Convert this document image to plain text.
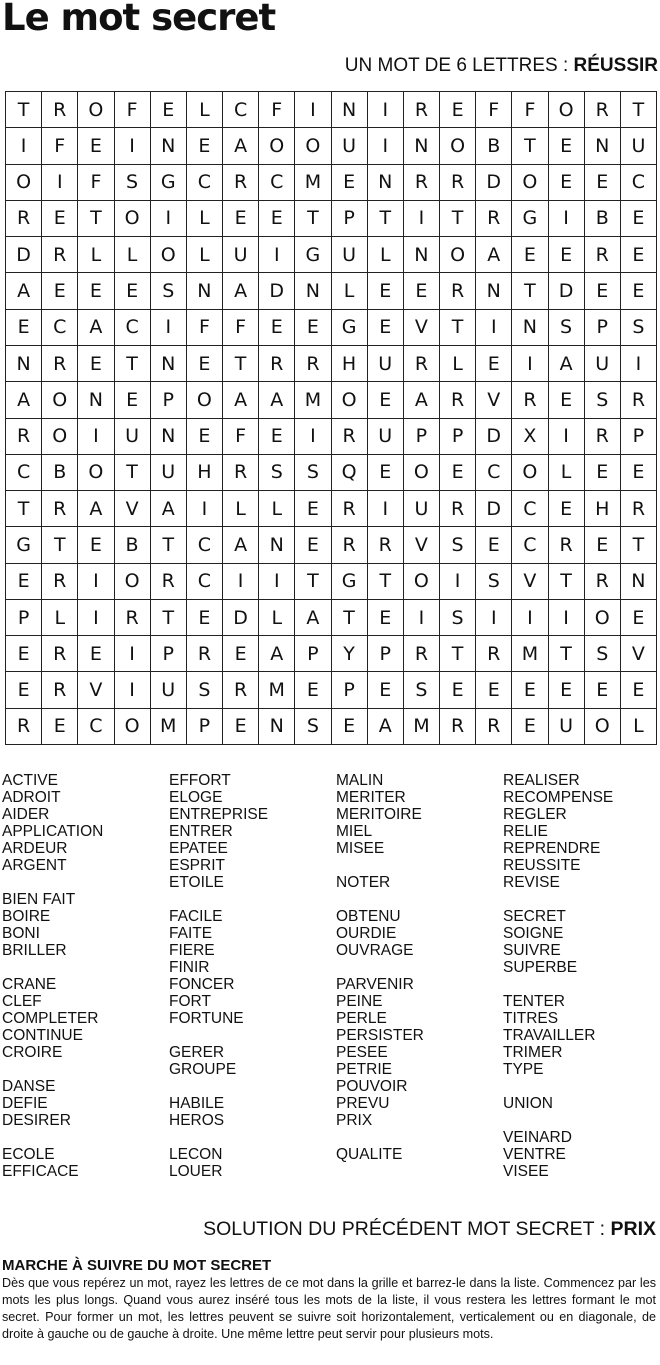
Le mot secret
UN MOT DE 6 LETTRES : RÉUSSIR
T	R	O	F	E	L	C	F	I	N	I	R	E	F	F	O	R	T
I	F	E	I	N	E	A	O	O	U	I	N	O	B	T	E	N	U
O	I	F	S	G	C	R	C	M	E	N	R	R	D	O	E	E	C
R	E	T	O	I	L	E	E	T	P	T	I	T	R	G	I	B	E
D	R	L	L	O	L	U	I	G	U	L	N	O	A	E	E	R	E
A	E	E	E	S	N	A	D	N	L	E	E	R	N	T	D	E	E
E	C	A	C	I	F	F	E	E	G	E	V	T	I	N	S	P	S
N	R	E	T	N	E	T	R	R	H	U	R	L	E	I	A	U	I
A	O	N	E	P	O	A	A	M	O	E	A	R	V	R	E	S	R
R	O	I	U	N	E	F	E	I	R	U	P	P	D	X	I	R	P
C	B	O	T	U	H	R	S	S	Q	E	O	E	C	O	L	E	E
T	R	A	V	A	I	L	L	E	R	I	U	R	D	C	E	H	R
G	T	E	B	T	C	A	N	E	R	R	V	S	E	C	R	E	T
E	R	I	O	R	C	I	I	T	G	T	O	I	S	V	T	R	N
P	L	I	R	T	E	D	L	A	T	E	I	S	I	I	I	O	E
E	R	E	I	P	R	E	A	P	Y	P	R	T	R	M	T	S	V
E	R	V	I	U	S	R	M	E	P	E	S	E	E	E	E	E	E
R	E	C	O	M	P	E	N	S	E	A	M	R	R	E	U	O	L
ACTIVE
ADROIT
AIDER
APPLICATION
ARDEUR
ARGENT
BIEN FAIT
BOIRE
BONI
BRILLER
CRANE
CLEF
COMPLETER
CONTINUE
CROIRE
DANSE
DEFIE
DESIRER
ECOLE
EFFICACE
EFFORT
ELOGE
ENTREPRISE
ENTRER
EPATEE
ESPRIT
ETOILE
FACILE
FAITE
FIERE
FINIR
FONCER
FORT
FORTUNE
GERER
GROUPE
HABILE
HEROS
LECON
LOUER
MALIN
MERITER
MERITOIRE
MIEL
MISEE
NOTER
OBTENU
OURDIE
OUVRAGE
PARVENIR
PEINE
PERLE
PERSISTER
PESEE
PETRIE
POUVOIR
PREVU
PRIX
QUALITE
REALISER
RECOMPENSE
REGLER
RELIE
REPRENDRE
REUSSITE
REVISE
SECRET
SOIGNE
SUIVRE
SUPERBE
TENTER
TITRES
TRAVAILLER
TRIMER
TYPE
UNION
VEINARD
VENTRE
VISEE
SOLUTION DU PRÉCÉDENT MOT SECRET : PRIX
MARCHE À SUIVRE DU MOT SECRET
Dès que vous repérez un mot, rayez les lettres de ce mot dans la grille et barrez-le dans la liste. Commencez par les mots les plus longs. Quand vous aurez inséré tous les mots de la liste, il vous restera les lettres formant le mot secret. Pour former un mot, les lettres peuvent se suivre soit horizontalement, verticalement ou en diagonale, de droite à gauche ou de gauche à droite. Une même lettre peut servir pour plusieurs mots.
